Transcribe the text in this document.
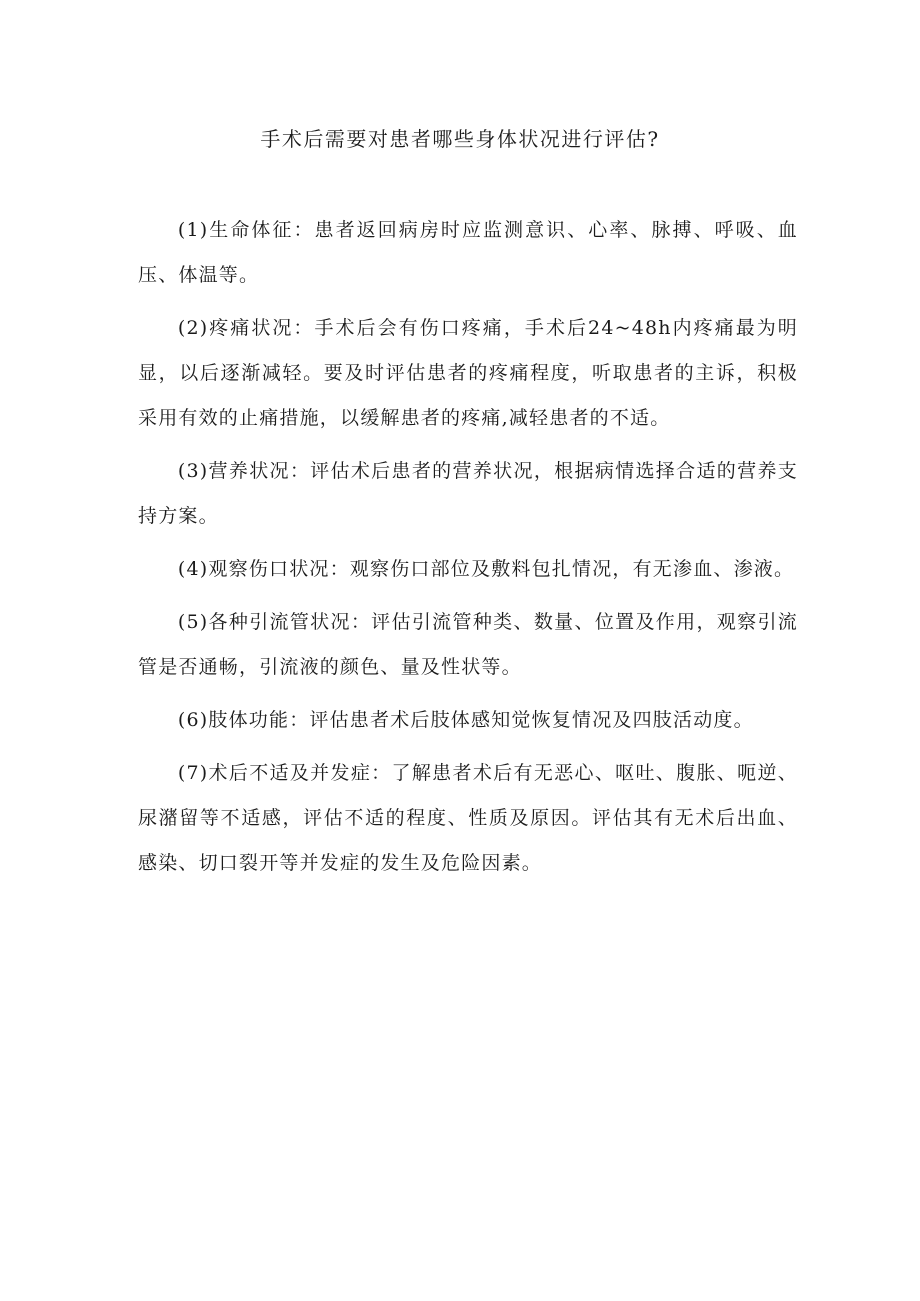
手术后需要对患者哪些身体状况进行评估?

(1)生命体征：患者返回病房时应监测意识、心率、脉搏、呼吸、血压、体温等。

(2)疼痛状况：手术后会有伤口疼痛，手术后24~48h内疼痛最为明显，以后逐渐减轻。要及时评估患者的疼痛程度，听取患者的主诉，积极采用有效的止痛措施，以缓解患者的疼痛,减轻患者的不适。

(3)营养状况：评估术后患者的营养状况，根据病情选择合适的营养支持方案。

(4)观察伤口状况：观察伤口部位及敷料包扎情况，有无渗血、渗液。

(5)各种引流管状况：评估引流管种类、数量、位置及作用，观察引流管是否通畅，引流液的颜色、量及性状等。

(6)肢体功能：评估患者术后肢体感知觉恢复情况及四肢活动度。

(7)术后不适及并发症：了解患者术后有无恶心、呕吐、腹胀、呃逆、尿潴留等不适感，评估不适的程度、性质及原因。评估其有无术后出血、感染、切口裂开等并发症的发生及危险因素。
